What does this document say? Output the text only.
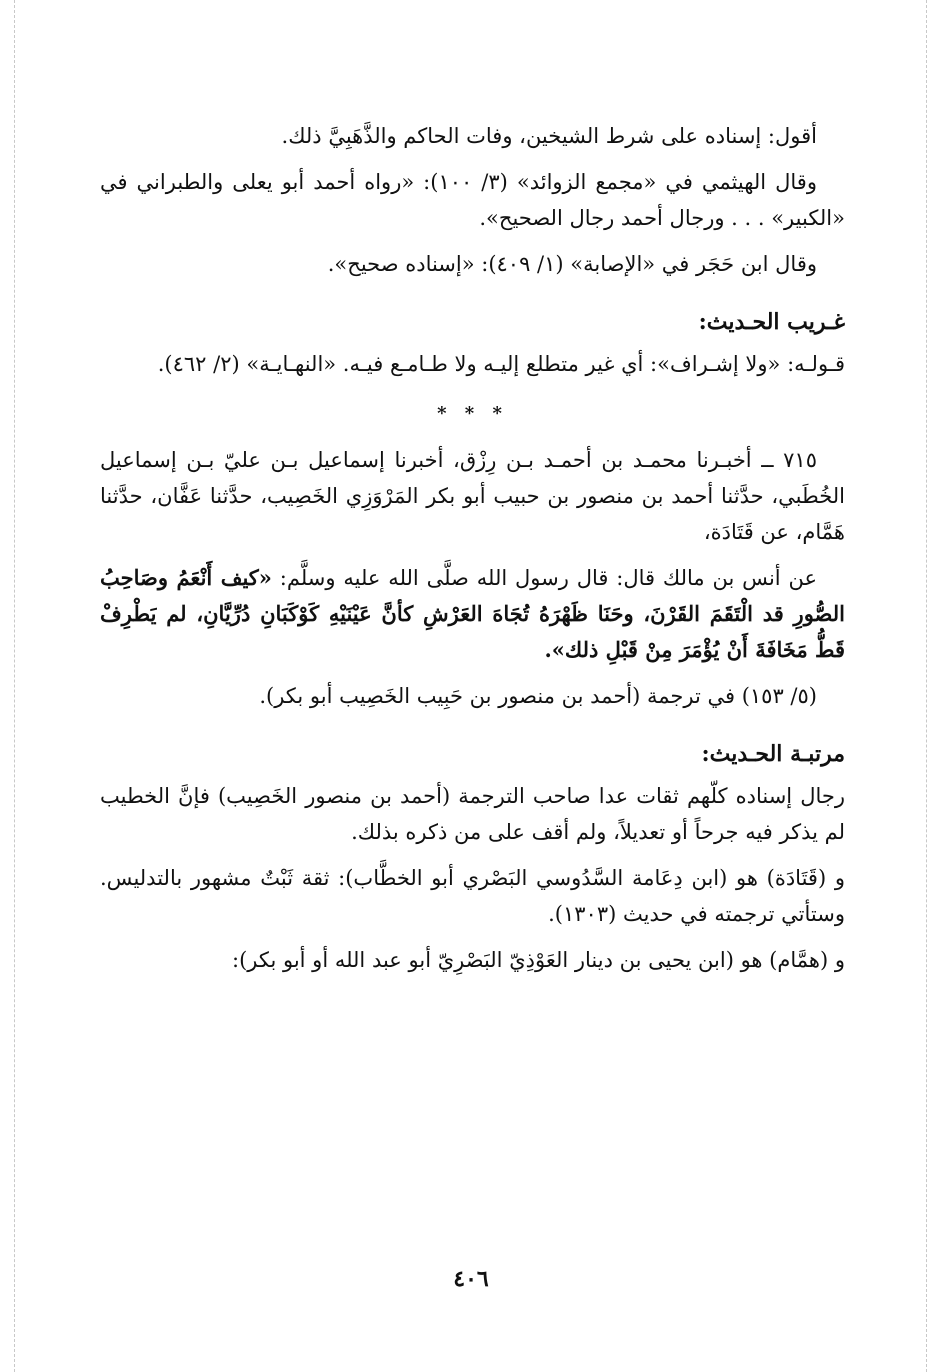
أقول: إسناده على شرط الشيخين، وفات الحاكم والذَّهَبِيَّ ذلك.

وقال الهيثمي في «مجمع الزوائد» (٣/ ١٠٠): «رواه أحمد أبو يعلى والطبراني في «الكبير» . . . ورجال أحمد رجال الصحيح».

وقال ابن حَجَر في «الإصابة» (١/ ٤٠٩): «إسناده صحيح».

غـريب الحـديث:

قـولـه: «ولا إشـراف»: أي غير متطلع إليـه ولا طـامـع فيـه. «النهـايـة» (٢/ ٤٦٢).

* * *

٧١٥ ــ أخبـرنا محمـد بن أحمـد بـن رِزْق، أخبرنا إسماعيل بـن عليّ بـن إسماعيل الخُطَبي، حدَّثنا أحمد بن منصور بن حبيب أبو بكر المَرْوَزِي الخَصِيب، حدَّثنا عَفَّان، حدَّثنا هَمَّام، عن قَتَادَة،

عن أنس بن مالك قال: قال رسول الله صلَّى الله عليه وسلَّم: «كيف أَنْعَمُ وصَاحِبُ الصُّورِ قد الْتَقَمَ القَرْنَ، وحَنَا ظَهْرَهُ تُجَاهَ العَرْشِ كأنَّ عَيْنَيْهِ كَوْكَبَانِ دُرِّيَّانِ، لم يَطْرِفْ قَطُّ مَخَافَةَ أَنْ يُؤْمَرَ مِنْ قَبْلِ ذلك».

(٥/ ١٥٣) في ترجمة (أحمد بن منصور بن حَبِيب الخَصِيب أبو بكر).

مرتبـة الحـديث:

رجال إسناده كلّهم ثقات عدا صاحب الترجمة (أحمد بن منصور الخَصِيب) فإنَّ الخطيب لم يذكر فيه جرحاً أو تعديلاً، ولم أقف على من ذكره بذلك.

و (قَتَادَة) هو (ابن دِعَامة السَّدُوسي البَصْري أبو الخطَّاب): ثقة ثَبْتٌ مشهور بالتدليس. وستأتي ترجمته في حديث (١٣٠٣).

و (همَّام) هو (ابن يحيى بن دينار العَوْذِيّ البَصْرِيّ أبو عبد الله أو أبو بكر):

٤٠٦
